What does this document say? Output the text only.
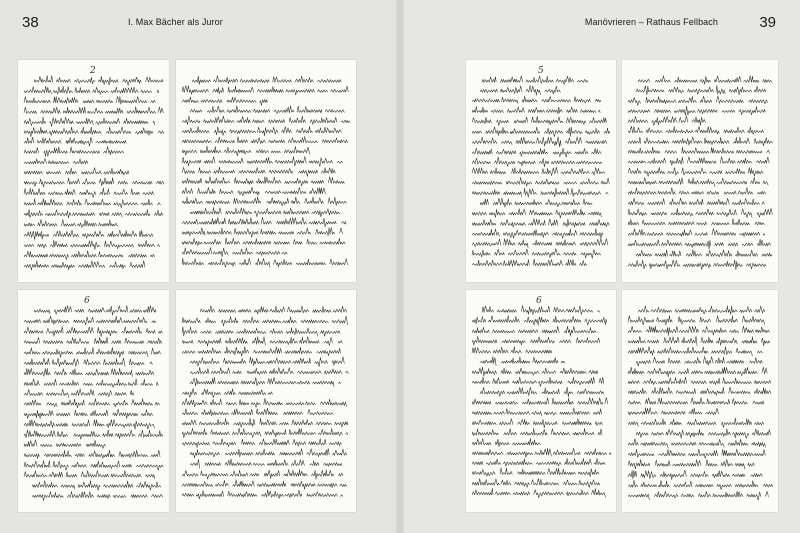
38	I. Max Bächer als Juror	39
Manövrieren – Rathaus Fellbach
2
6
5
6
